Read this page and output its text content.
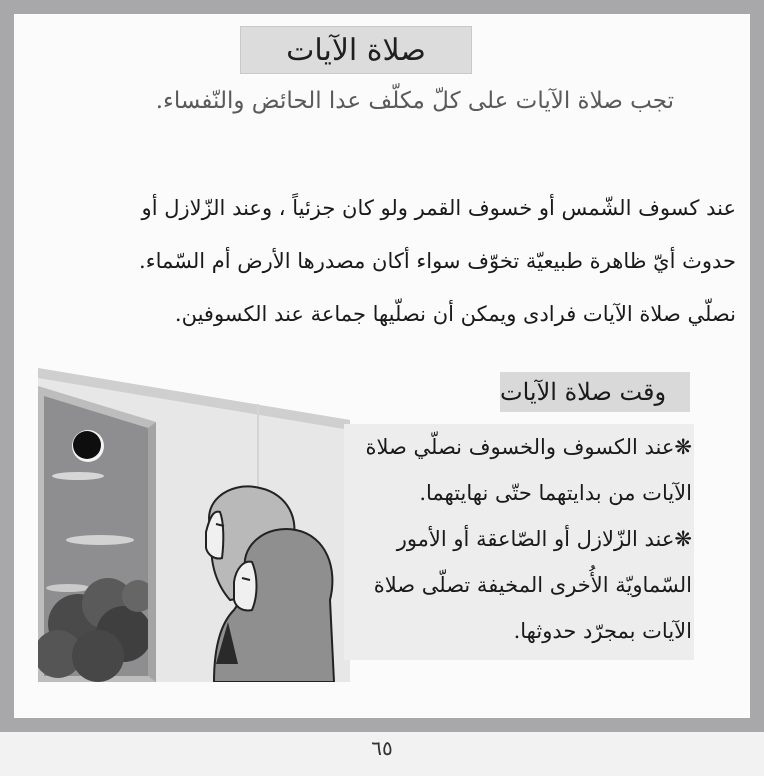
صلاة الآيات
تجب صلاة الآيات على كلّ مكلّف عدا الحائض والنّفساء.

عند كسوف الشّمس أو خسوف القمر ولو كان جزئياً ، وعند الزّلازل أو

حدوث أيّ ظاهرة طبيعيّة تخوّف سواء أكان مصدرها الأرض أم السّماء.

نصلّي صلاة الآيات فرادى ويمكن أن نصلّيها جماعة عند الكسوفين.

وقت صلاة الآيات

❋عند الكسوف والخسوف نصلّي صلاة

الآيات من بدايتهما حتّى نهايتهما.

❋عند الزّلازل أو الصّاعقة أو الأمور

السّماويّة الأُخرى المخيفة تصلّى صلاة

الآيات بمجرّد حدوثها.

٦٥
